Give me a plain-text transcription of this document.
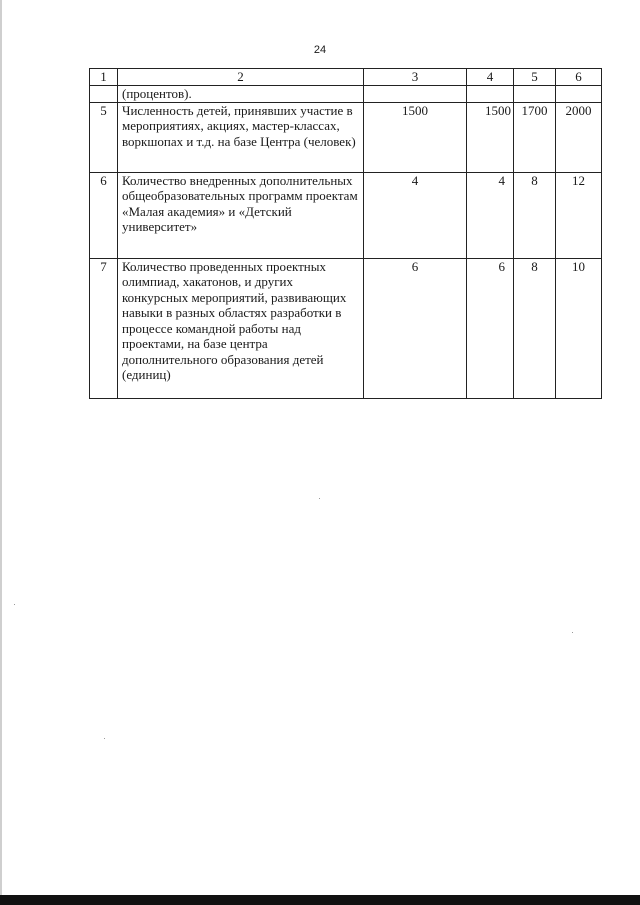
24
1	2	3	4	5	6
	(процентов).				
5	Численность детей, принявших участие в мероприятиях, акциях, мастер-классах, воркшопах и т.д. на базе Центра (человек)	1500	1500	1700	2000
6	Количество внедренных дополнительных общеобразовательных программ проектам «Малая академия» и «Детский университет»	4	4	8	12
7	Количество проведенных проектных олимпиад, хакатонов, и других конкурсных мероприятий, развивающих навыки в разных областях разработки в процессе командной работы над проектами, на базе центра дополнительного образования детей (единиц)	6	6	8	10
